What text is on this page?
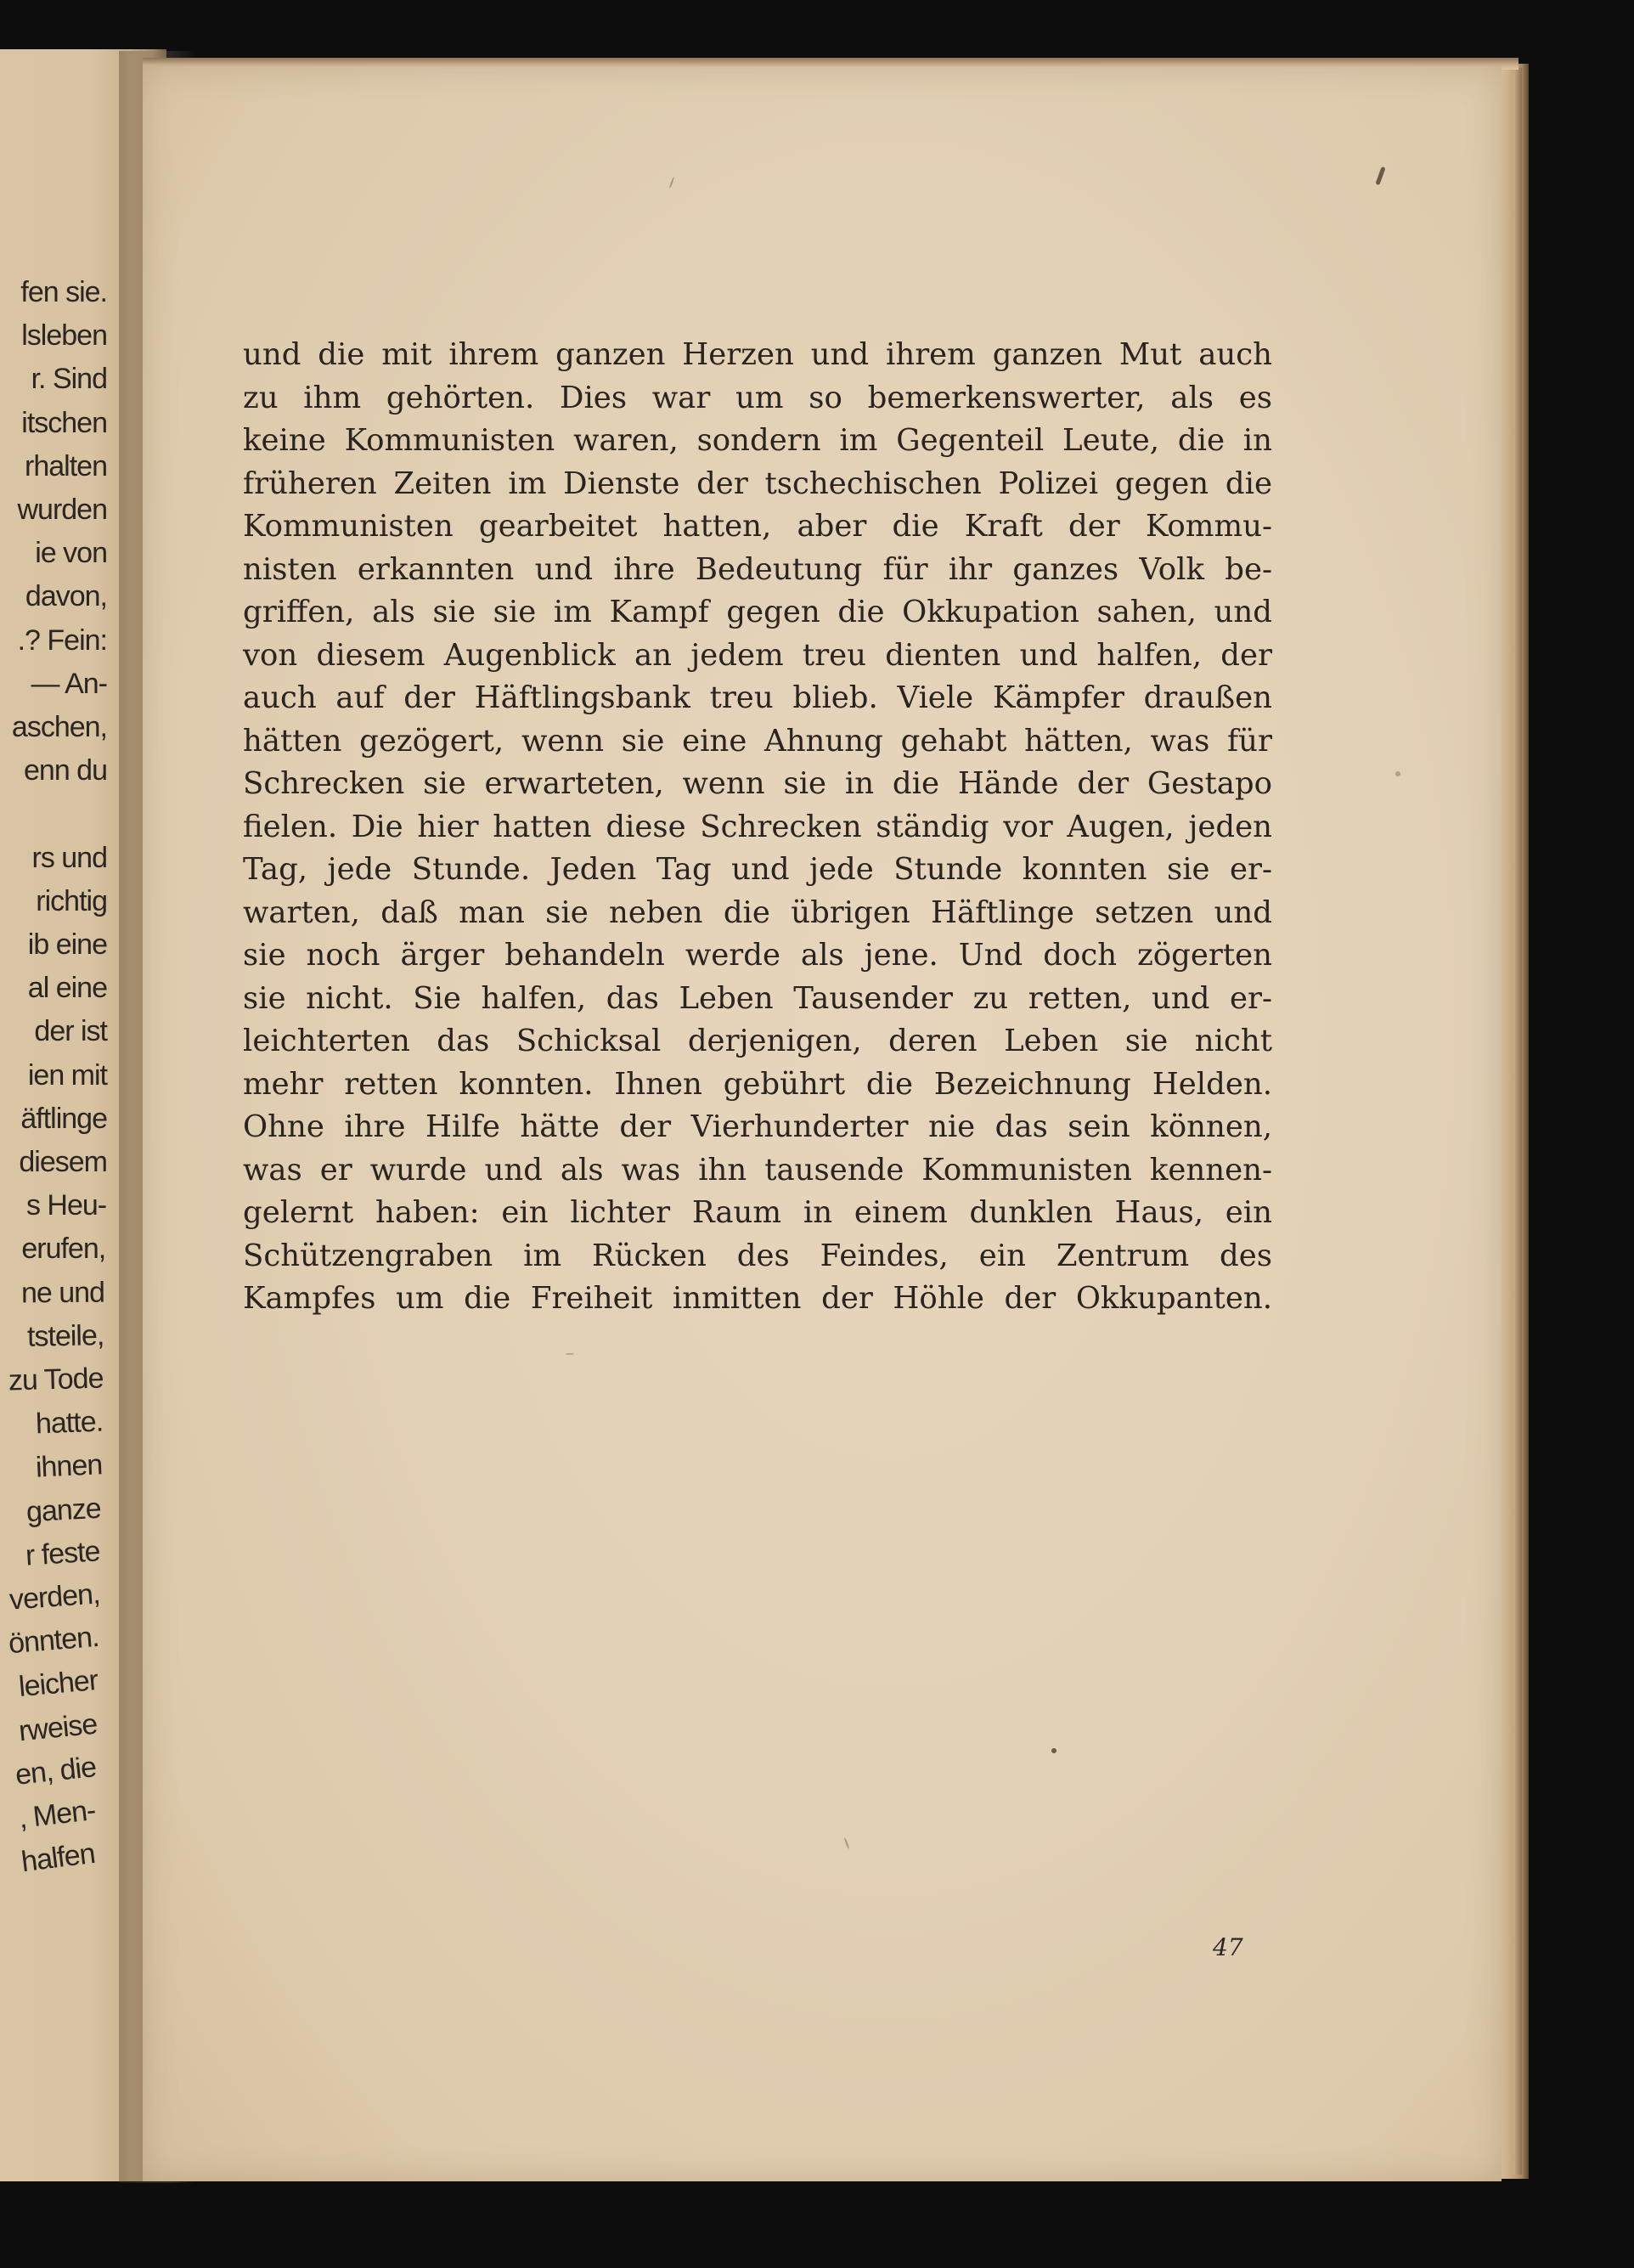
fen sie.
lsleben
r. Sind
itschen
rhalten
wurden
ie von
davon,
.? Fein:
— An-
aschen,
enn du
rs und
richtig
ib eine
al eine
der ist
ien mit
äftlinge
diesem
s Heu-
erufen,
ne und
tsteile,
zu Tode
hatte.
ihnen
ganze
r feste
verden,
önnten.
leicher
rweise
en, die
, Men-
halfen
und die mit ihrem ganzen Herzen und ihrem ganzen Mut auch
zu ihm gehörten. Dies war um so bemerkenswerter, als es
keine Kommunisten waren, sondern im Gegenteil Leute, die in
früheren Zeiten im Dienste der tschechischen Polizei gegen die
Kommunisten gearbeitet hatten, aber die Kraft der Kommu-
nisten erkannten und ihre Bedeutung für ihr ganzes Volk be-
griffen, als sie sie im Kampf gegen die Okkupation sahen, und
von diesem Augenblick an jedem treu dienten und halfen, der
auch auf der Häftlingsbank treu blieb. Viele Kämpfer draußen
hätten gezögert, wenn sie eine Ahnung gehabt hätten, was für
Schrecken sie erwarteten, wenn sie in die Hände der Gestapo
fielen. Die hier hatten diese Schrecken ständig vor Augen, jeden
Tag, jede Stunde. Jeden Tag und jede Stunde konnten sie er-
warten, daß man sie neben die übrigen Häftlinge setzen und
sie noch ärger behandeln werde als jene. Und doch zögerten
sie nicht. Sie halfen, das Leben Tausender zu retten, und er-
leichterten das Schicksal derjenigen, deren Leben sie nicht
mehr retten konnten. Ihnen gebührt die Bezeichnung Helden.
Ohne ihre Hilfe hätte der Vierhunderter nie das sein können,
was er wurde und als was ihn tausende Kommunisten kennen-
gelernt haben: ein lichter Raum in einem dunklen Haus, ein
Schützengraben im Rücken des Feindes, ein Zentrum des
Kampfes um die Freiheit inmitten der Höhle der Okkupanten.
47
